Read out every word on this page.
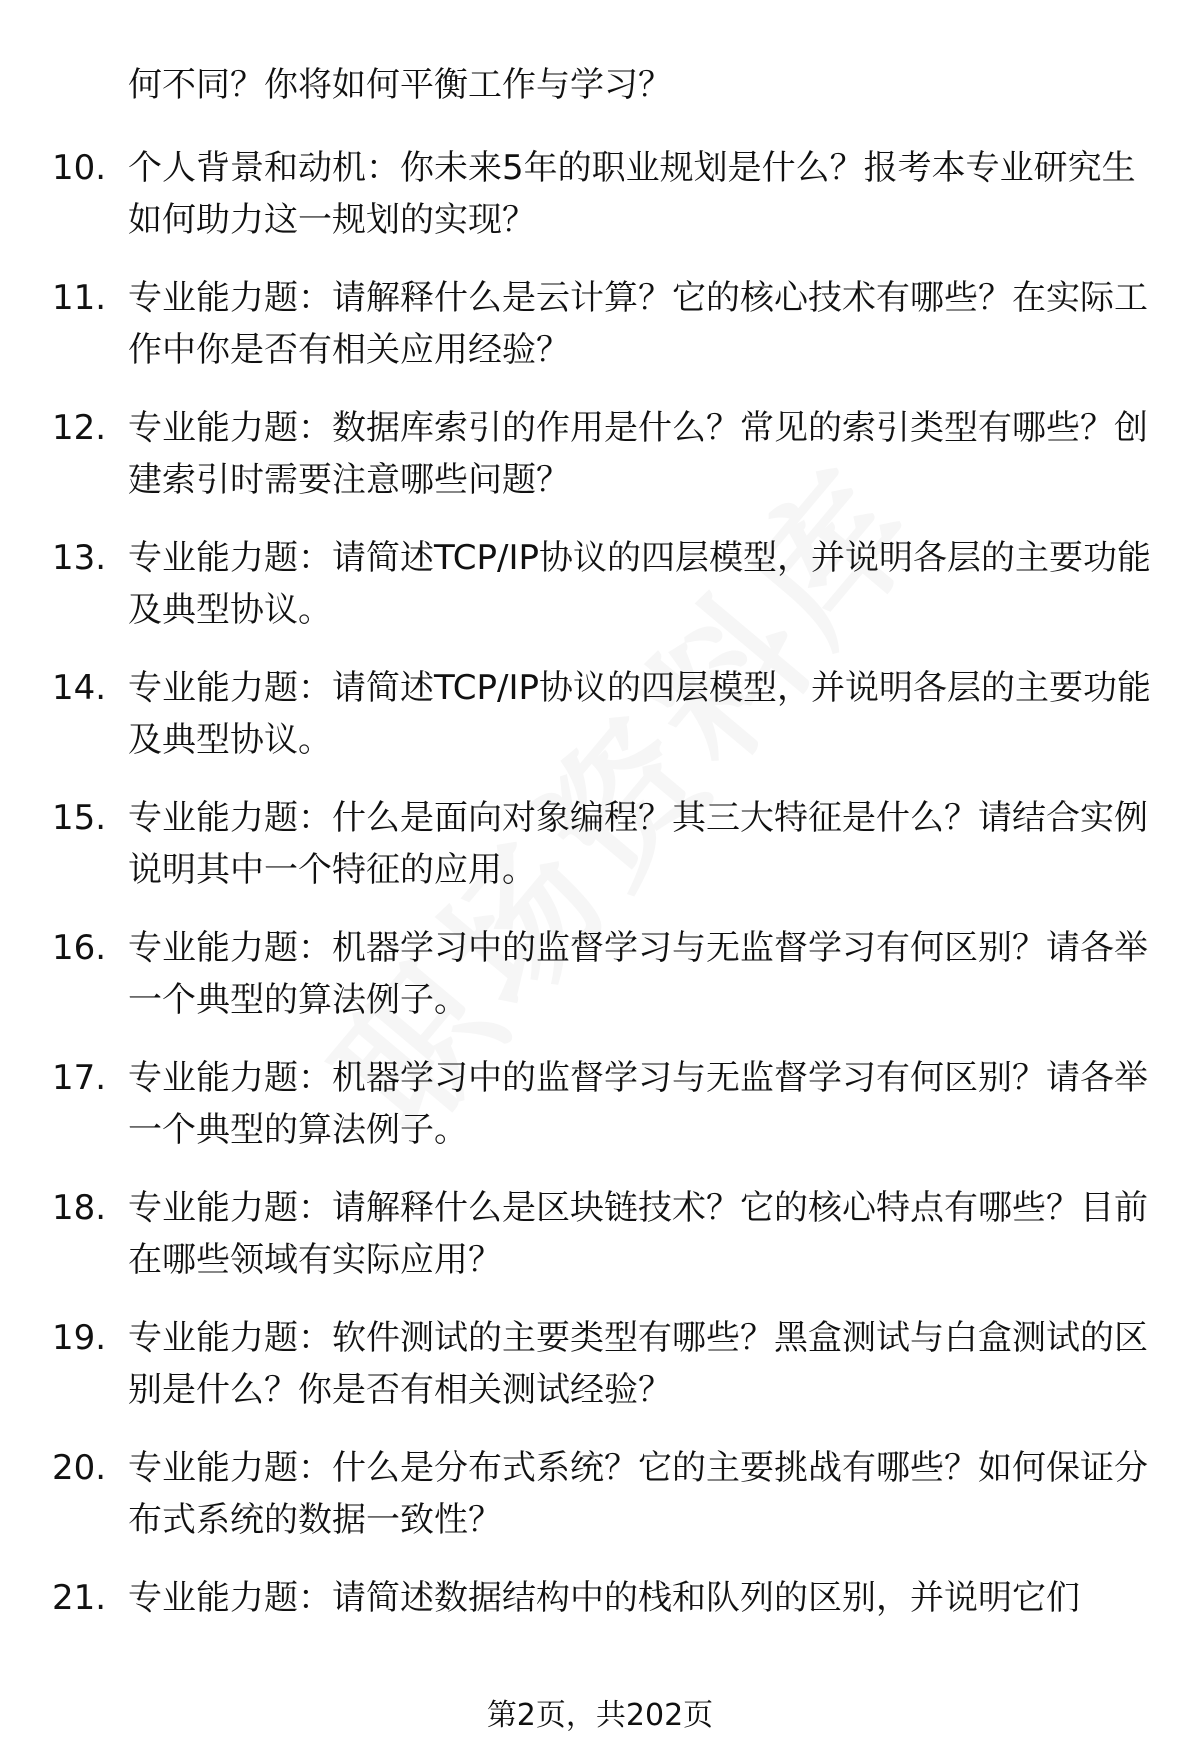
何不同？你将如何平衡工作与学习？
10. 个人背景和动机：你未来5年的职业规划是什么？报考本专业研究生如何助力这一规划的实现？
11. 专业能力题：请解释什么是云计算？它的核心技术有哪些？在实际工作中你是否有相关应用经验？
12. 专业能力题：数据库索引的作用是什么？常见的索引类型有哪些？创建索引时需要注意哪些问题？
13. 专业能力题：请简述TCP/IP协议的四层模型，并说明各层的主要功能及典型协议。
14. 专业能力题：请简述TCP/IP协议的四层模型，并说明各层的主要功能及典型协议。
15. 专业能力题：什么是面向对象编程？其三大特征是什么？请结合实例说明其中一个特征的应用。
16. 专业能力题：机器学习中的监督学习与无监督学习有何区别？请各举一个典型的算法例子。
17. 专业能力题：机器学习中的监督学习与无监督学习有何区别？请各举一个典型的算法例子。
18. 专业能力题：请解释什么是区块链技术？它的核心特点有哪些？目前在哪些领域有实际应用？
19. 专业能力题：软件测试的主要类型有哪些？黑盒测试与白盒测试的区别是什么？你是否有相关测试经验？
20. 专业能力题：什么是分布式系统？它的主要挑战有哪些？如何保证分布式系统的数据一致性？
21. 专业能力题：请简述数据结构中的栈和队列的区别，并说明它们
第2页，共202页
